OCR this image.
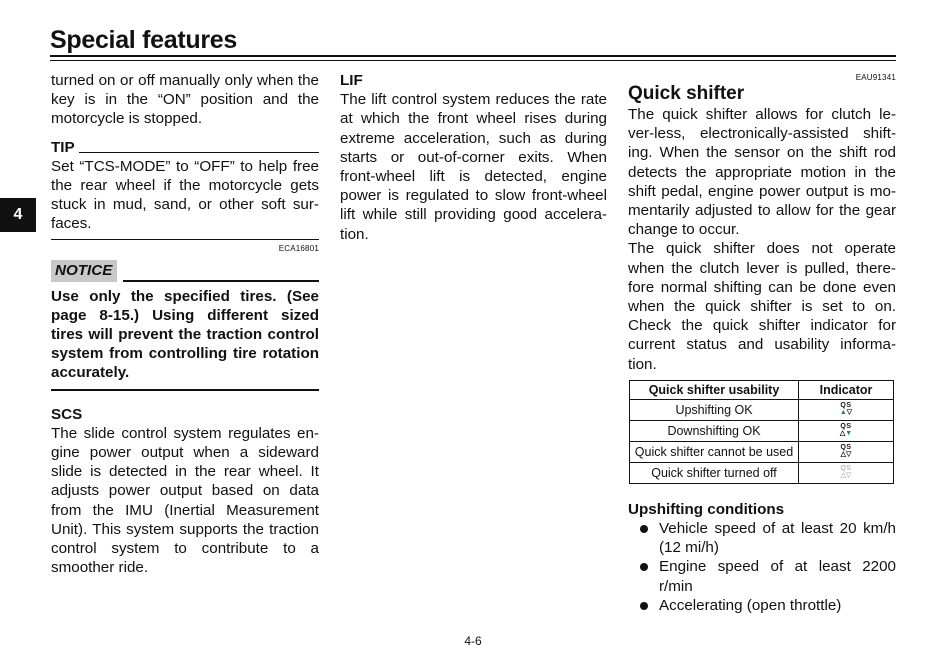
Special features
4

turned on or off manually only when the key is in the “ON” position and the motorcycle is stopped.

TIP

Set “TCS-MODE” to “OFF” to help free the rear wheel if the motorcycle gets stuck in mud, sand, or other soft sur-faces.

ECA16801
NOTICE

Use only the specified tires. (See page 8-15.) Using different sized tires will prevent the traction control system from controlling tire rotation accurately.

SCS

The slide control system regulates en-gine power output when a sideward slide is detected in the rear wheel. It adjusts power output based on data from the IMU (Inertial Measurement Unit). This system supports the traction control system to contribute to a smoother ride.

LIF

The lift control system reduces the rate at which the front wheel rises during extreme acceleration, such as during starts or out-of-corner exits. When front-wheel lift is detected, engine power is regulated to slow front-wheel lift while still providing good accelera-tion.

EAU91341
Quick shifter

The quick shifter allows for clutch le-ver-less, electronically-assisted shift-ing. When the sensor on the shift rod detects the appropriate motion in the shift pedal, engine power output is mo-mentarily adjusted to allow for the gear change to occur.

The quick shifter does not operate when the clutch lever is pulled, there-fore normal shifting can be done even when the quick shifter is set to on. Check the quick shifter indicator for current status and usability informa-tion.

Quick shifter usability	Indicator
Upshifting OK	QS
▲▽
Downshifting OK	QS
△▼
Quick shifter cannot be used	QS
△▽
Quick shifter turned off	QS
△▽
Upshifting conditions
Vehicle speed of at least 20 km/h (12 mi/h)
Engine speed of at least 2200 r/min
Accelerating (open throttle)
4-6
